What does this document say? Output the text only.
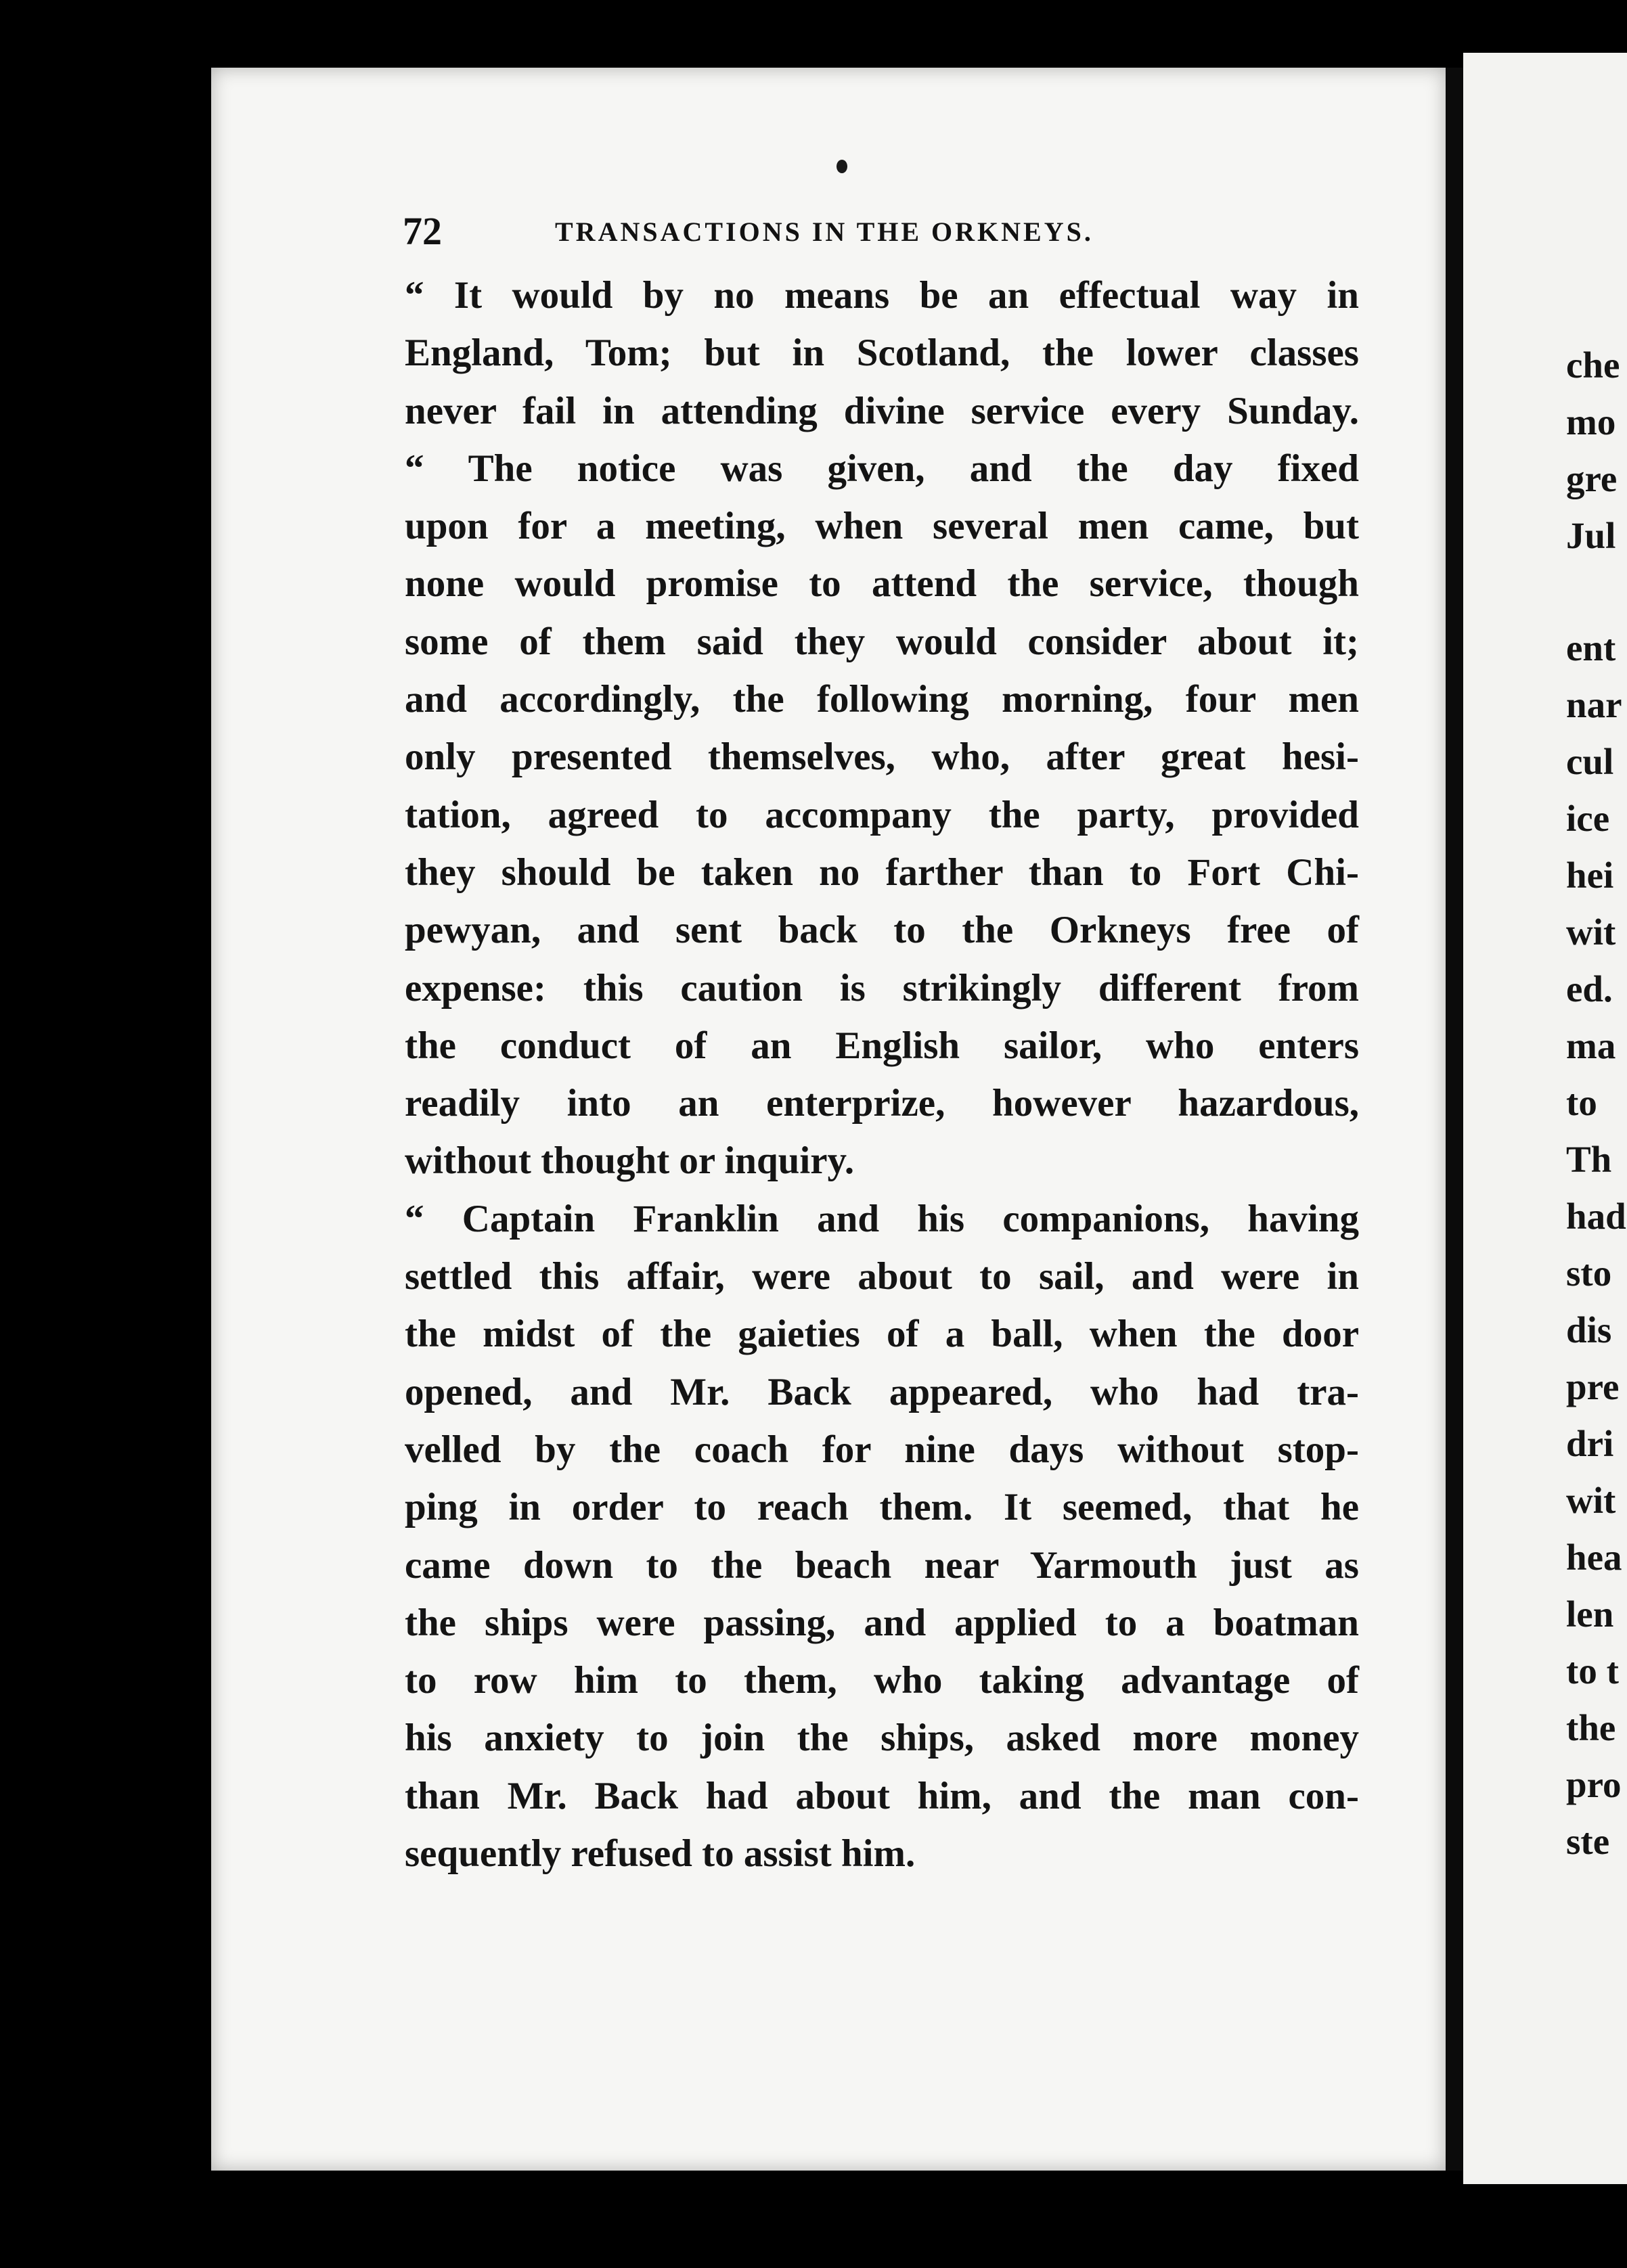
che

mo

gre

Jul

ent

nar

cul

ice

hei

wit

ed.

ma

to

Th

had

sto

dis

pre

dri

wit

hea

len

to t

the

pro

ste

72	TRANSACTIONS IN THE ORKNEYS.
“ It would by no means be an effectual way in
England, Tom; but in Scotland, the lower classes
never fail in attending divine service every Sunday.
“ The notice was given, and the day fixed
upon for a meeting, when several men came, but
none would promise to attend the service, though
some of them said they would consider about it;
and accordingly, the following morning, four men
only presented themselves, who, after great hesi-
tation, agreed to accompany the party, provided
they should be taken no farther than to Fort Chi-
pewyan, and sent back to the Orkneys free of
expense: this caution is strikingly different from
the conduct of an English sailor, who enters
readily into an enterprize, however hazardous,
without thought or inquiry.
“ Captain Franklin and his companions, having
settled this affair, were about to sail, and were in
the midst of the gaieties of a ball, when the door
opened, and Mr. Back appeared, who had tra-
velled by the coach for nine days without stop-
ping in order to reach them. It seemed, that he
came down to the beach near Yarmouth just as
the ships were passing, and applied to a boatman
to row him to them, who taking advantage of
his anxiety to join the ships, asked more money
than Mr. Back had about him, and the man con-
sequently refused to assist him.
